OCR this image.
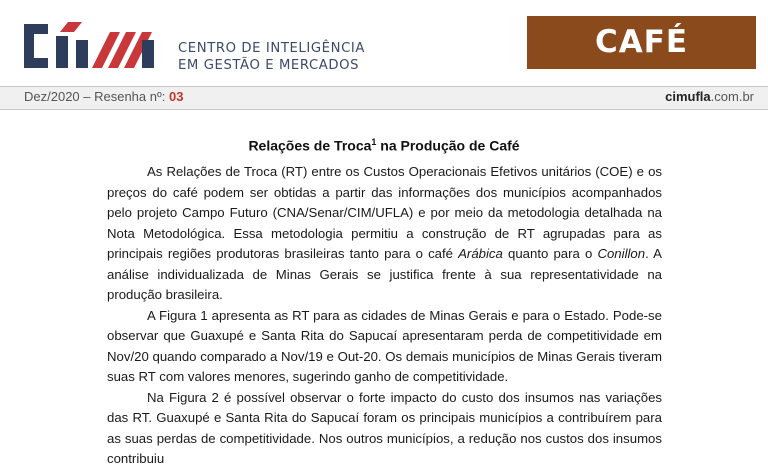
CENTRO DE INTELIGÊNCIA
EM GESTÃO E MERCADOS
CAFÉ
Dez/2020 – Resenha nº: 03	cimufla.com.br
Relações de Troca$^1$ na Produção de Café

As Relações de Troca (RT) entre os Custos Operacionais Efetivos unitários (COE) e os preços do café podem ser obtidas a partir das informações dos municípios acompanhados pelo projeto Campo Futuro (CNA/Senar/CIM/UFLA) e por meio da metodologia detalhada na Nota Metodológica. Essa metodologia permitiu a construção de RT agrupadas para as principais regiões produtoras brasileiras tanto para o café Arábica quanto para o Conillon. A análise individualizada de Minas Gerais se justifica frente à sua representatividade na produção brasileira.

A Figura 1 apresenta as RT para as cidades de Minas Gerais e para o Estado. Pode-se observar que Guaxupé e Santa Rita do Sapucaí apresentaram perda de competitividade em Nov/20 quando comparado a Nov/19 e Out-20. Os demais municípios de Minas Gerais tiveram suas RT com valores menores, sugerindo ganho de competitividade.

Na Figura 2 é possível observar o forte impacto do custo dos insumos nas variações das RT. Guaxupé e Santa Rita do Sapucaí foram os principais municípios a contribuírem para as suas perdas de competitividade. Nos outros municípios, a redução nos custos dos insumos contribuiu
